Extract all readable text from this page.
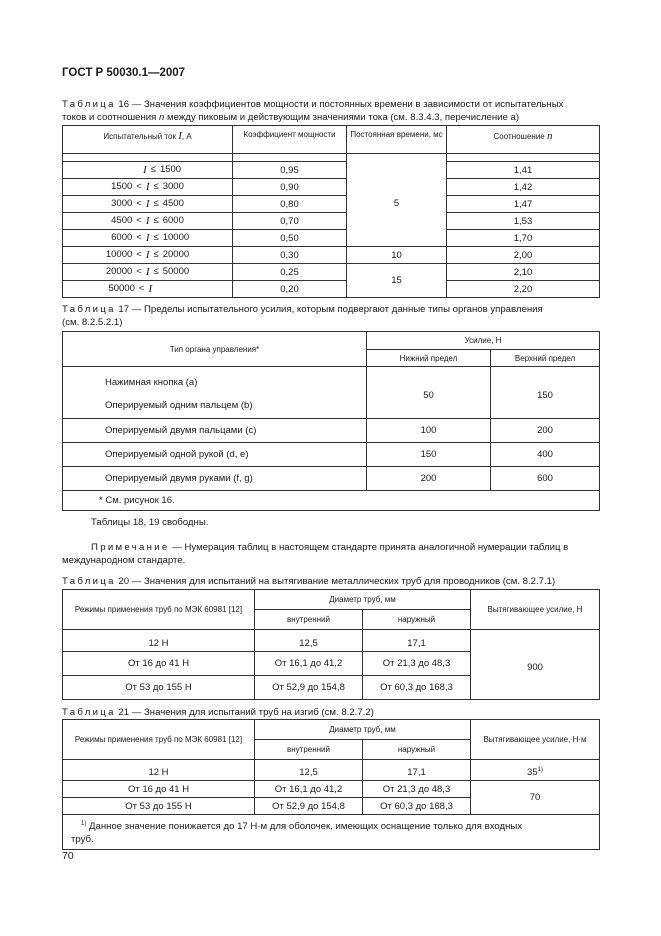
ГОСТ Р 50030.1—2007
Таблица 16 — Значения коэффициентов мощности и постоянных времени в зависимости от испытательных
токов и соотношения n между пиковым и действующим значениями тока (см. 8.3.4.3, перечисление а)
Испытательный ток I, А	Коэффициент мощности	Постоянная времени, мс	Соотношение n

I ≤ 1500	0,95	5	1,41

1500 < I ≤ 3000	0,90		1,42

3000 < I ≤ 4500	0,80		1,47

4500 < I ≤ 6000	0,70		1,53

6000 < I ≤ 10000	0,50		1,70

10000 < I ≤ 20000	0,30	10	2,00

20000 < I ≤ 50000	0,25	15	2,10

50000 < I	0,20		2,20
Таблица 17 — Пределы испытательного усилия, которым подвергают данные типы органов управления
(см. 8.2.5.2.1)
Тип органа управления*	Усилие, Н	
	Нижний предел	Верхний предел

Нажимная кнопка (a)	50	150
Оперируемый одним пальцем (b)		
Оперируемый двумя пальцами (c)	100	200
Оперируемый одной рукой (d, e)	150	400
Оперируемый двумя руками (f, g)	200	600
* См. рисунок 16.		
Таблицы 18, 19 свободны.
Примечание — Нумерация таблиц в настоящем стандарте принята аналогичной нумерации таблиц в
международном стандарте.
Таблица 20 — Значения для испытаний на вытягивание металлических труб для проводников (см. 8.2.7.1)
Режимы применения труб по МЭК 60981 [12]	Диаметр труб, мм		Вытягивающее усилие, Н
	внутренний	наружный	

12 H	12,5	17,1	900
От 16 до 41 H	От 16,1 до 41,2	От 21,3 до 48,3	
От 53 до 155 H	От 52,9 до 154,8	От 60,3 до 168,3	
Таблица 21 — Значения для испытаний труб на изгиб (см. 8.2.7.2)
Режимы применения труб по МЭК 60981 [12]	Диаметр труб, мм		Вытягивающее усилие, Н·м
	внутренний	наружный	

12 H	12,5	17,1	35$^{1)}$
От 16 до 41 H	От 16,1 до 41,2	От 21,3 до 48,3	70
От 53 до 155 H	От 52,9 до 154,8	От 60,3 до 168,3	

$^{1)}$ Данное значение понижается до 17 Н·м для оболочек, имеющих оснащение только для входных
труб.			
70
